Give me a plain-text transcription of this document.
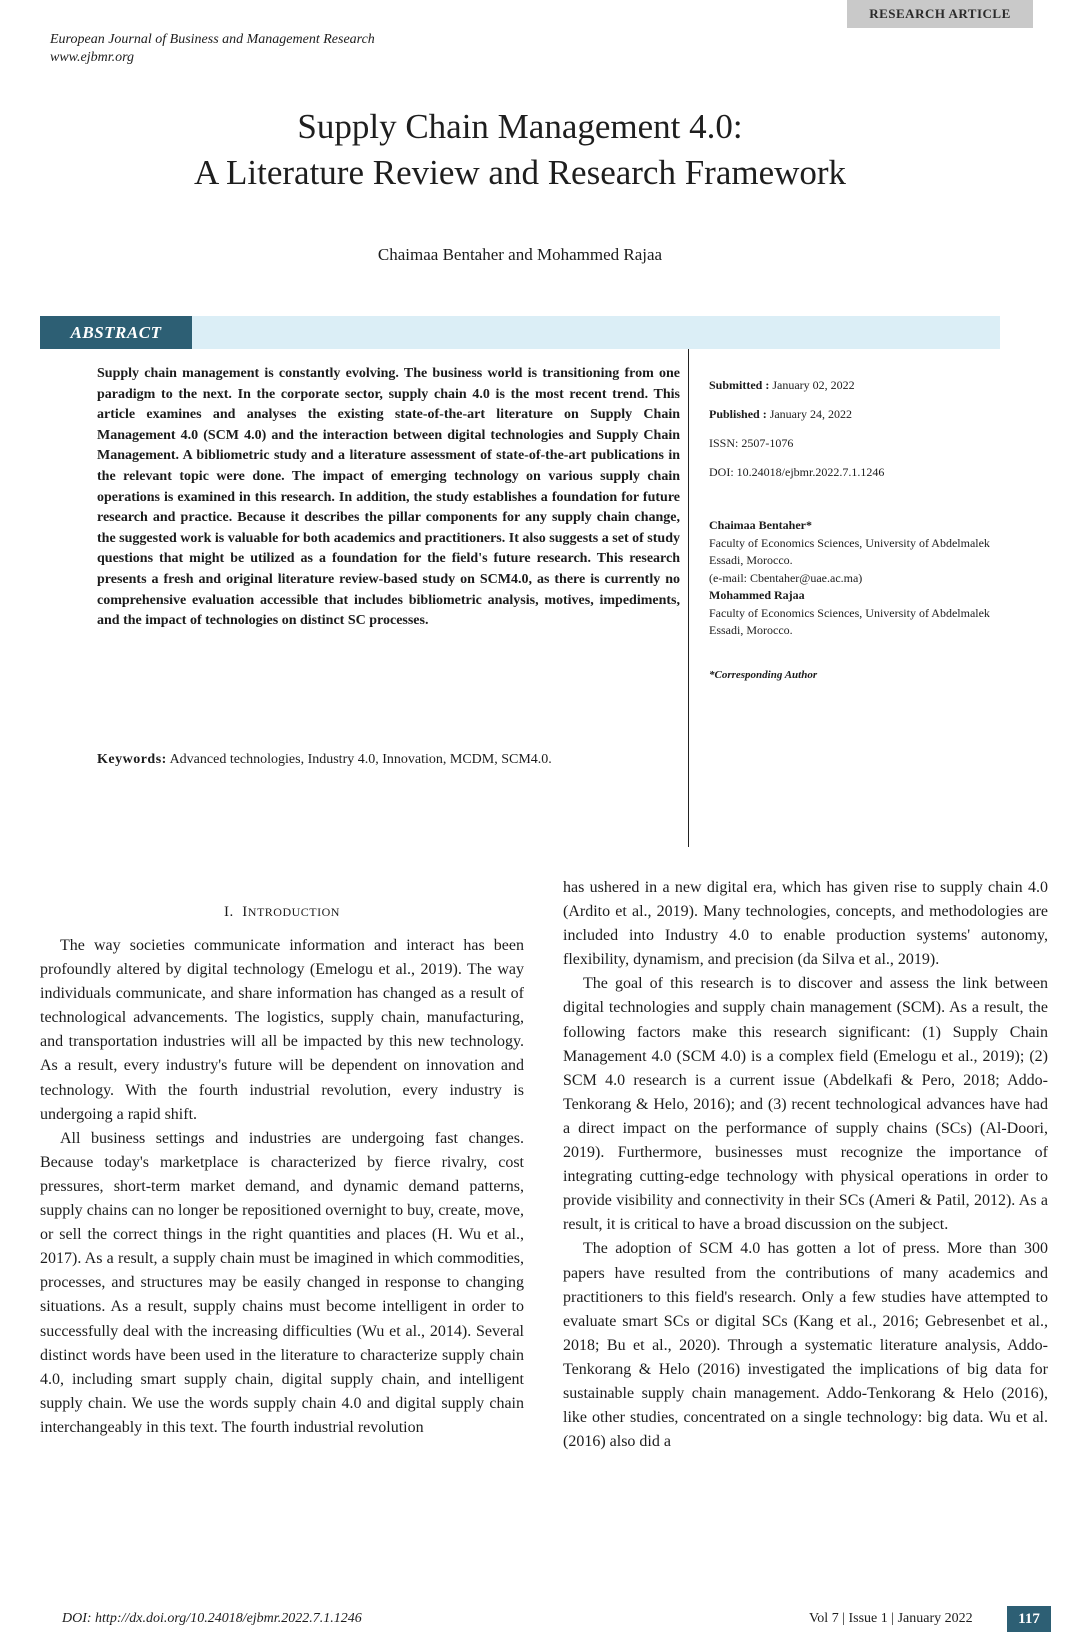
RESEARCH ARTICLE
European Journal of Business and Management Research
www.ejbmr.org
Supply Chain Management 4.0:
A Literature Review and Research Framework
Chaimaa Bentaher and Mohammed Rajaa
ABSTRACT
Supply chain management is constantly evolving. The business world is transitioning from one paradigm to the next. In the corporate sector, supply chain 4.0 is the most recent trend. This article examines and analyses the existing state-of-the-art literature on Supply Chain Management 4.0 (SCM 4.0) and the interaction between digital technologies and Supply Chain Management. A bibliometric study and a literature assessment of state-of-the-art publications in the relevant topic were done. The impact of emerging technology on various supply chain operations is examined in this research. In addition, the study establishes a foundation for future research and practice. Because it describes the pillar components for any supply chain change, the suggested work is valuable for both academics and practitioners. It also suggests a set of study questions that might be utilized as a foundation for the field's future research. This research presents a fresh and original literature review-based study on SCM4.0, as there is currently no comprehensive evaluation accessible that includes bibliometric analysis, motives, impediments, and the impact of technologies on distinct SC processes.
Keywords: Advanced technologies, Industry 4.0, Innovation, MCDM, SCM4.0.
Submitted : January 02, 2022
Published : January 24, 2022
ISSN: 2507-1076
DOI: 10.24018/ejbmr.2022.7.1.1246
Chaimaa Bentaher*
Faculty of Economics Sciences, University of Abdelmalek Essadi, Morocco.
(e-mail: Cbentaher@uae.ac.ma)
Mohammed Rajaa
Faculty of Economics Sciences, University of Abdelmalek Essadi, Morocco.
*Corresponding Author
I. INTRODUCTION

The way societies communicate information and interact has been profoundly altered by digital technology (Emelogu et al., 2019). The way individuals communicate, and share information has changed as a result of technological advancements. The logistics, supply chain, manufacturing, and transportation industries will all be impacted by this new technology. As a result, every industry's future will be dependent on innovation and technology. With the fourth industrial revolution, every industry is undergoing a rapid shift.

All business settings and industries are undergoing fast changes. Because today's marketplace is characterized by fierce rivalry, cost pressures, short-term market demand, and dynamic demand patterns, supply chains can no longer be repositioned overnight to buy, create, move, or sell the correct things in the right quantities and places (H. Wu et al., 2017). As a result, a supply chain must be imagined in which commodities, processes, and structures may be easily changed in response to changing situations. As a result, supply chains must become intelligent in order to successfully deal with the increasing difficulties (Wu et al., 2014). Several distinct words have been used in the literature to characterize supply chain 4.0, including smart supply chain, digital supply chain, and intelligent supply chain. We use the words supply chain 4.0 and digital supply chain interchangeably in this text. The fourth industrial revolution

has ushered in a new digital era, which has given rise to supply chain 4.0 (Ardito et al., 2019). Many technologies, concepts, and methodologies are included into Industry 4.0 to enable production systems' autonomy, flexibility, dynamism, and precision (da Silva et al., 2019).

The goal of this research is to discover and assess the link between digital technologies and supply chain management (SCM). As a result, the following factors make this research significant: (1) Supply Chain Management 4.0 (SCM 4.0) is a complex field (Emelogu et al., 2019); (2) SCM 4.0 research is a current issue (Abdelkafi & Pero, 2018; Addo-Tenkorang & Helo, 2016); and (3) recent technological advances have had a direct impact on the performance of supply chains (SCs) (Al-Doori, 2019). Furthermore, businesses must recognize the importance of integrating cutting-edge technology with physical operations in order to provide visibility and connectivity in their SCs (Ameri & Patil, 2012). As a result, it is critical to have a broad discussion on the subject.

The adoption of SCM 4.0 has gotten a lot of press. More than 300 papers have resulted from the contributions of many academics and practitioners to this field's research. Only a few studies have attempted to evaluate smart SCs or digital SCs (Kang et al., 2016; Gebresenbet et al., 2018; Bu et al., 2020). Through a systematic literature analysis, Addo-Tenkorang & Helo (2016) investigated the implications of big data for sustainable supply chain management. Addo-Tenkorang & Helo (2016), like other studies, concentrated on a single technology: big data. Wu et al. (2016) also did a

DOI: http://dx.doi.org/10.24018/ejbmr.2022.7.1.1246	Vol 7 | Issue 1 | January 2022	117
